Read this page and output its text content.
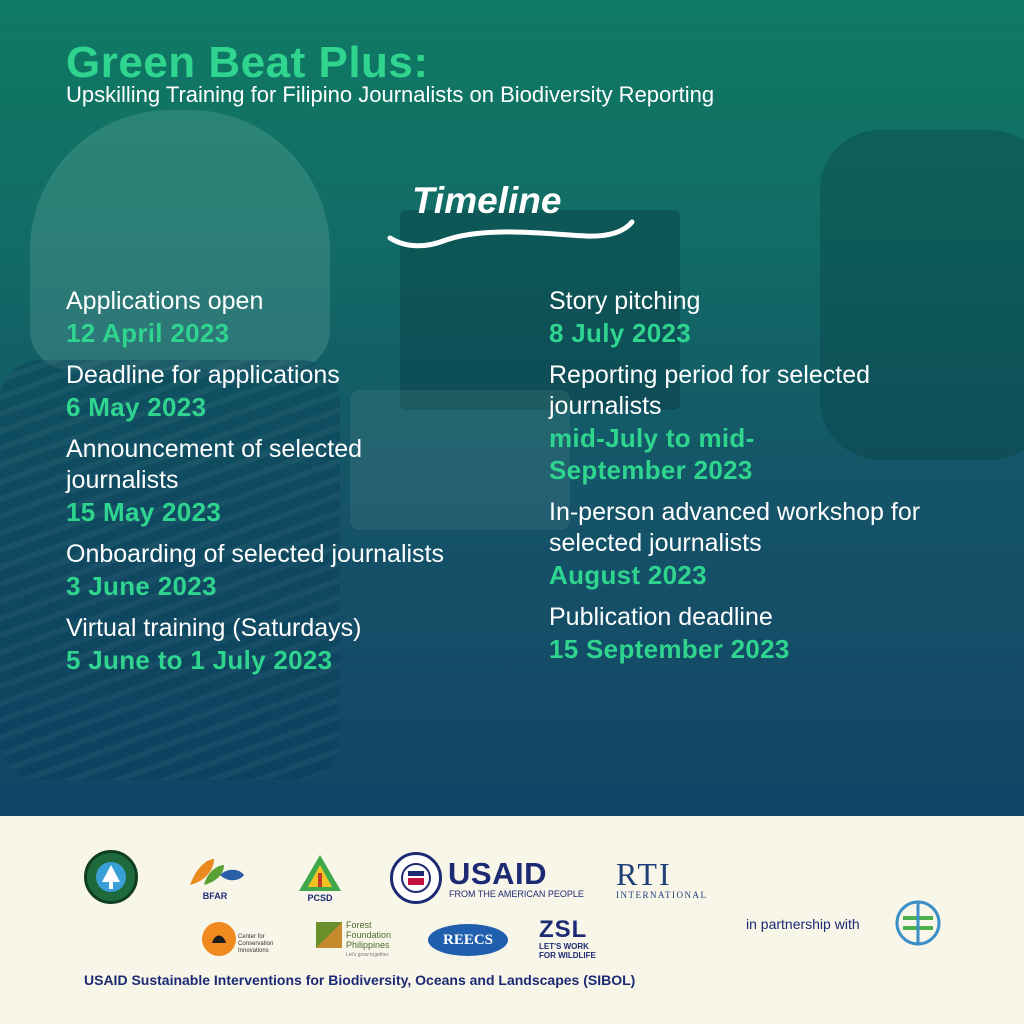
Green Beat Plus:
Upskilling Training for Filipino Journalists on Biodiversity Reporting
Timeline
Applications open
12 April 2023
Deadline for applications
6 May 2023
Announcement of selected journalists
15 May 2023
Onboarding of selected journalists
3 June 2023
Virtual training (Saturdays)
5 June to 1 July 2023
Story pitching
8 July 2023
Reporting period for selected journalists
mid-July to mid-September 2023
In-person advanced workshop for selected journalists
August 2023
Publication deadline
15 September 2023
BFAR	PCSD
USAID
FROM THE AMERICAN PEOPLE
RTI
INTERNATIONAL
Center for Conservation Innovations
Forest
Foundation
Philippines
Let's grow together.
REECS ZSL
LET'S WORK
FOR WILDLIFE
in partnership with
USAID Sustainable Interventions for Biodiversity, Oceans and Landscapes (SIBOL)
